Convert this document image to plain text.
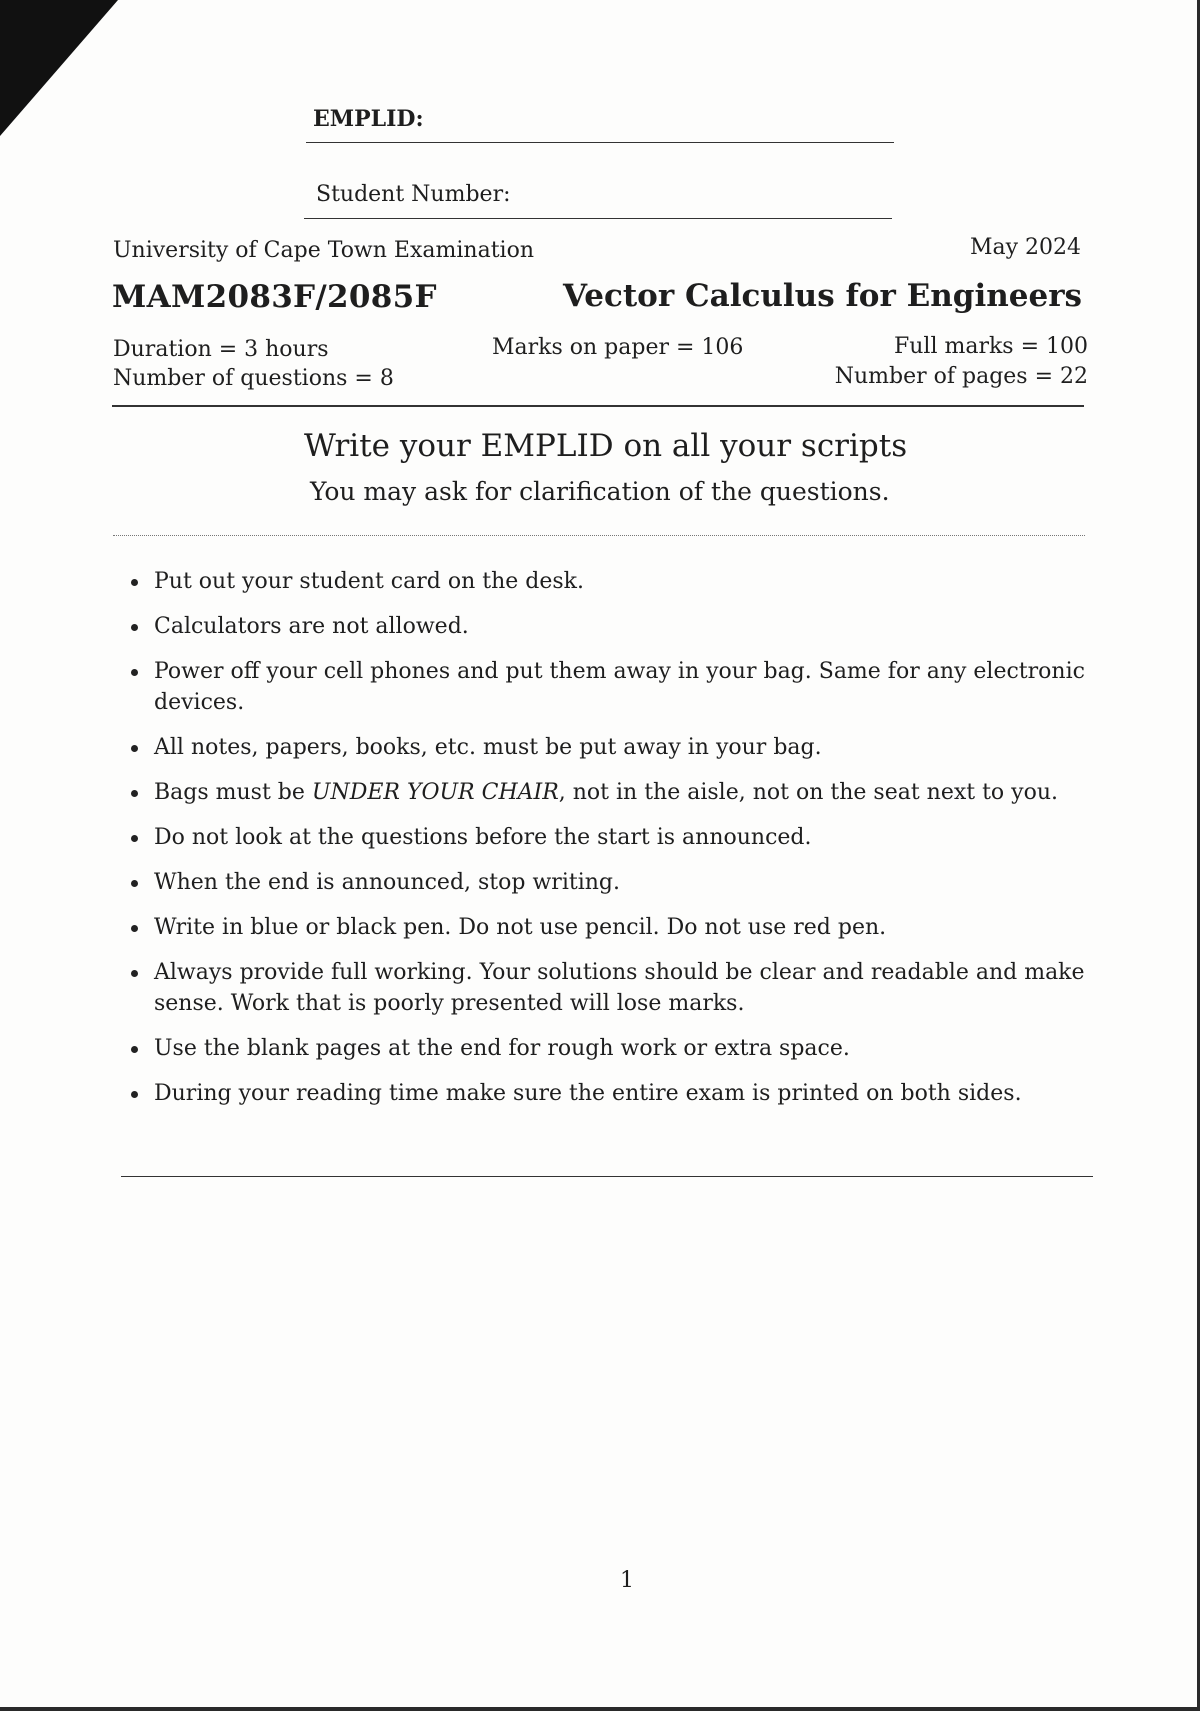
EMPLID:
Student Number:
University of Cape Town Examination	May 2024
MAM2083F/2085F	Vector Calculus for Engineers
Duration = 3 hours	Marks on paper = 106	Full marks = 100
Number of questions = 8	Number of pages = 22
Write your EMPLID on all your scripts
You may ask for clarification of the questions.
Put out your student card on the desk.
Calculators are not allowed.
Power off your cell phones and put them away in your bag. Same for any electronic devices.
All notes, papers, books, etc. must be put away in your bag.
Bags must be UNDER YOUR CHAIR, not in the aisle, not on the seat next to you.
Do not look at the questions before the start is announced.
When the end is announced, stop writing.
Write in blue or black pen. Do not use pencil. Do not use red pen.
Always provide full working. Your solutions should be clear and readable and make sense. Work that is poorly presented will lose marks.
Use the blank pages at the end for rough work or extra space.
During your reading time make sure the entire exam is printed on both sides.
1
